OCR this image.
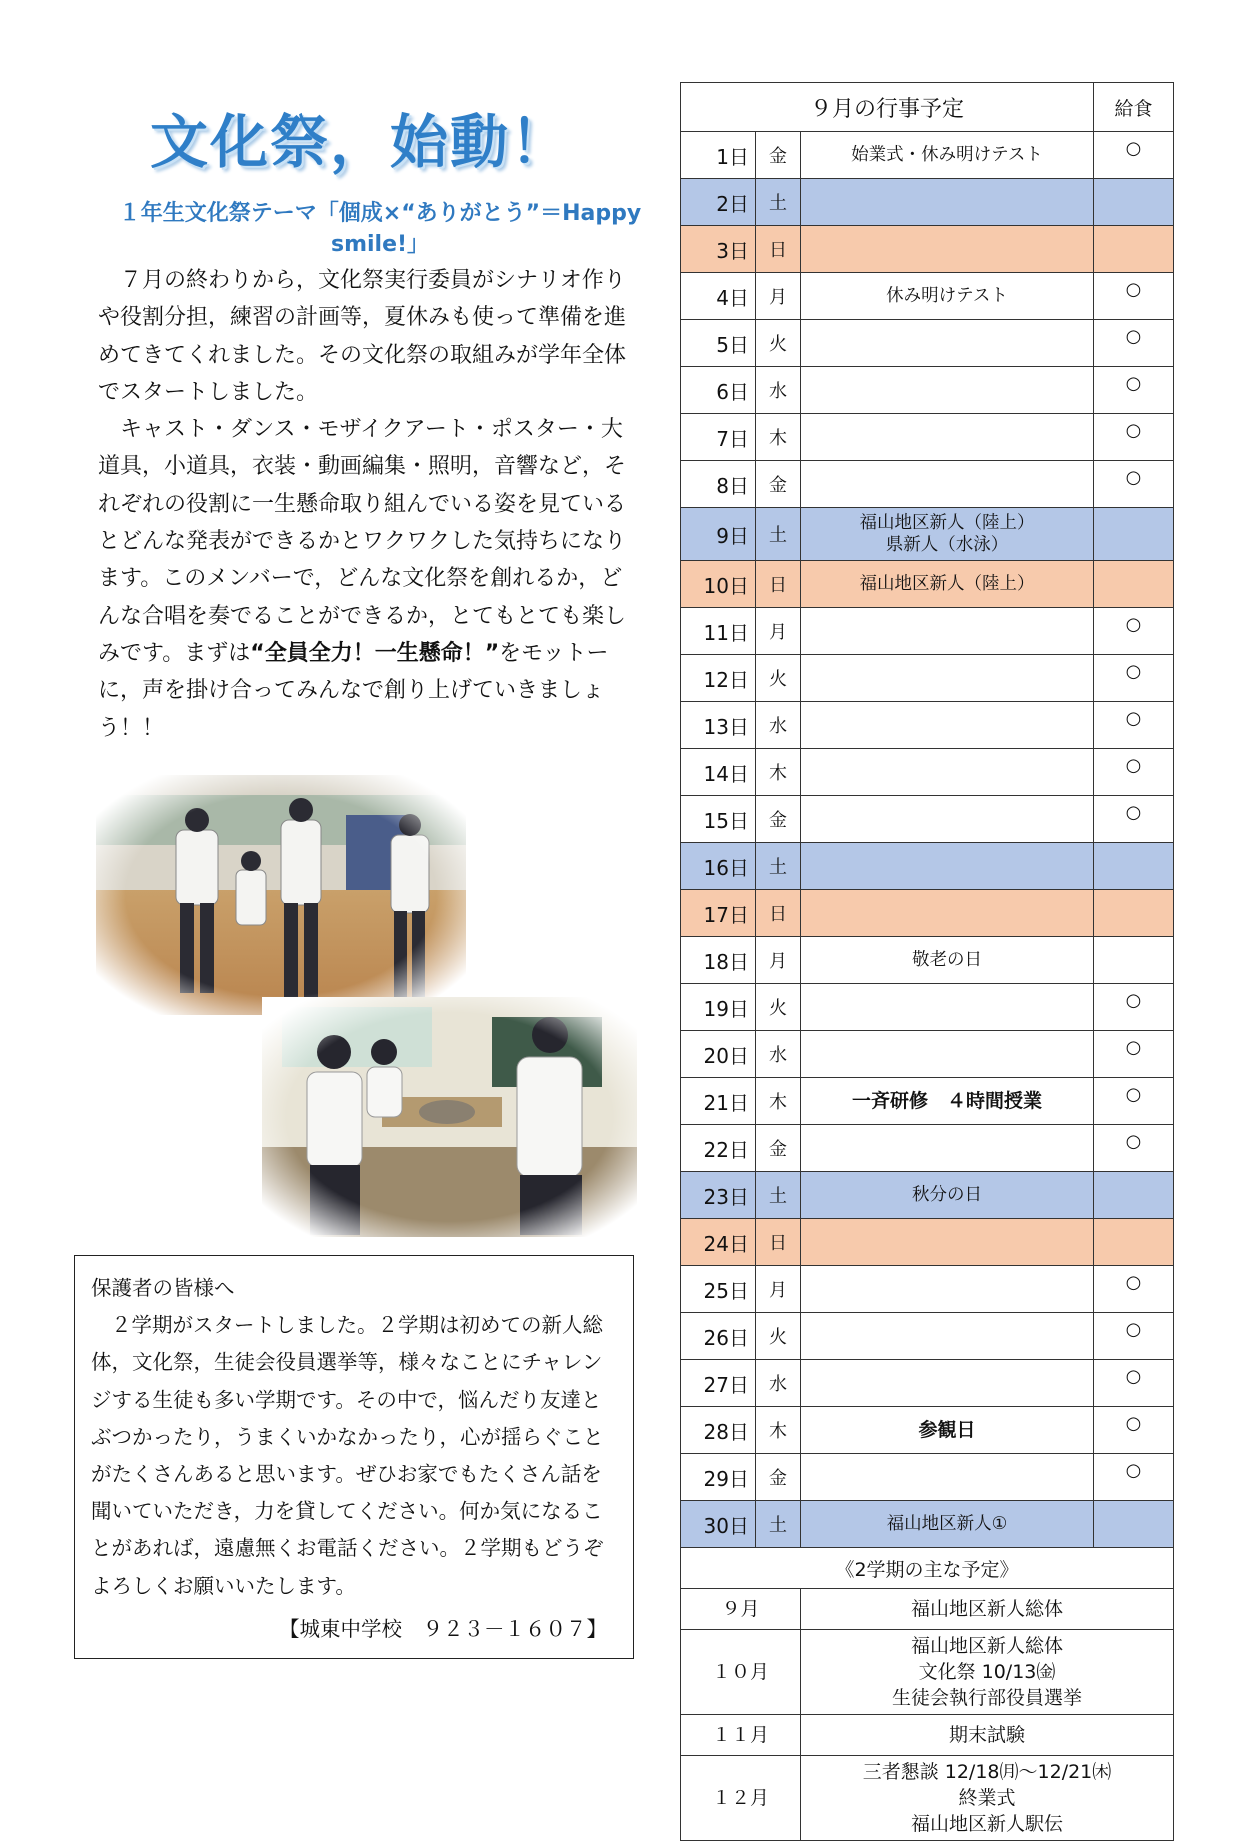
文化祭，始動！
１年生文化祭テーマ「個成×“ありがとう”＝Happy smile!」

７月の終わりから，文化祭実行委員がシナリオ作りや役割分担，練習の計画等，夏休みも使って準備を進めてきてくれました。その文化祭の取組みが学年全体でスタートしました。

キャスト・ダンス・モザイクアート・ポスター・大道具，小道具，衣装・動画編集・照明，音響など，それぞれの役割に一生懸命取り組んでいる姿を見ているとどんな発表ができるかとワクワクした気持ちになります。このメンバーで，どんな文化祭を創れるか，どんな合唱を奏でることができるか，とてもとても楽しみです。まずは“全員全力！一生懸命！”をモットーに，声を掛け合ってみんなで創り上げていきましょう！！

保護者の皆様へ

２学期がスタートしました。２学期は初めての新人総体，文化祭，生徒会役員選挙等，様々なことにチャレンジする生徒も多い学期です。その中で，悩んだり友達とぶつかったり，うまくいかなかったり，心が揺らぐことがたくさんあると思います。ぜひお家でもたくさん話を聞いていただき，力を貸してください。何か気になることがあれば，遠慮無くお電話ください。２学期もどうぞよろしくお願いいたします。

【城東中学校　９２３－１６０７】

９月の行事予定			給食
1日	金	始業式・休み明けテスト	○
2日	土	

3日	日	

4日	月	休み明けテスト	○
5日	火		○
6日	水		○
7日	木		○
8日	金		○
9日	土	福山地区新人（陸上）
県新人（水泳）	

10日	日	福山地区新人（陸上）	

11日	月		○
12日	火		○
13日	水		○
14日	木		○
15日	金		○
16日	土	

17日	日	

18日	月	敬老の日	

19日	火		○
20日	水		○
21日	木	一斉研修　４時間授業	○
22日	金		○
23日	土	秋分の日	

24日	日	

25日	月		○
26日	火		○
27日	水		○
28日	木	参観日	○
29日	金		○
30日	土	福山地区新人①	

《2学期の主な予定》			
９月		福山地区新人総体	

１０月		福山地区新人総体
文化祭 10/13㈮
生徒会執行部役員選挙	

１１月		期末試験	

１２月		三者懇談 12/18㈪～12/21㈭
終業式
福山地区新人駅伝	
